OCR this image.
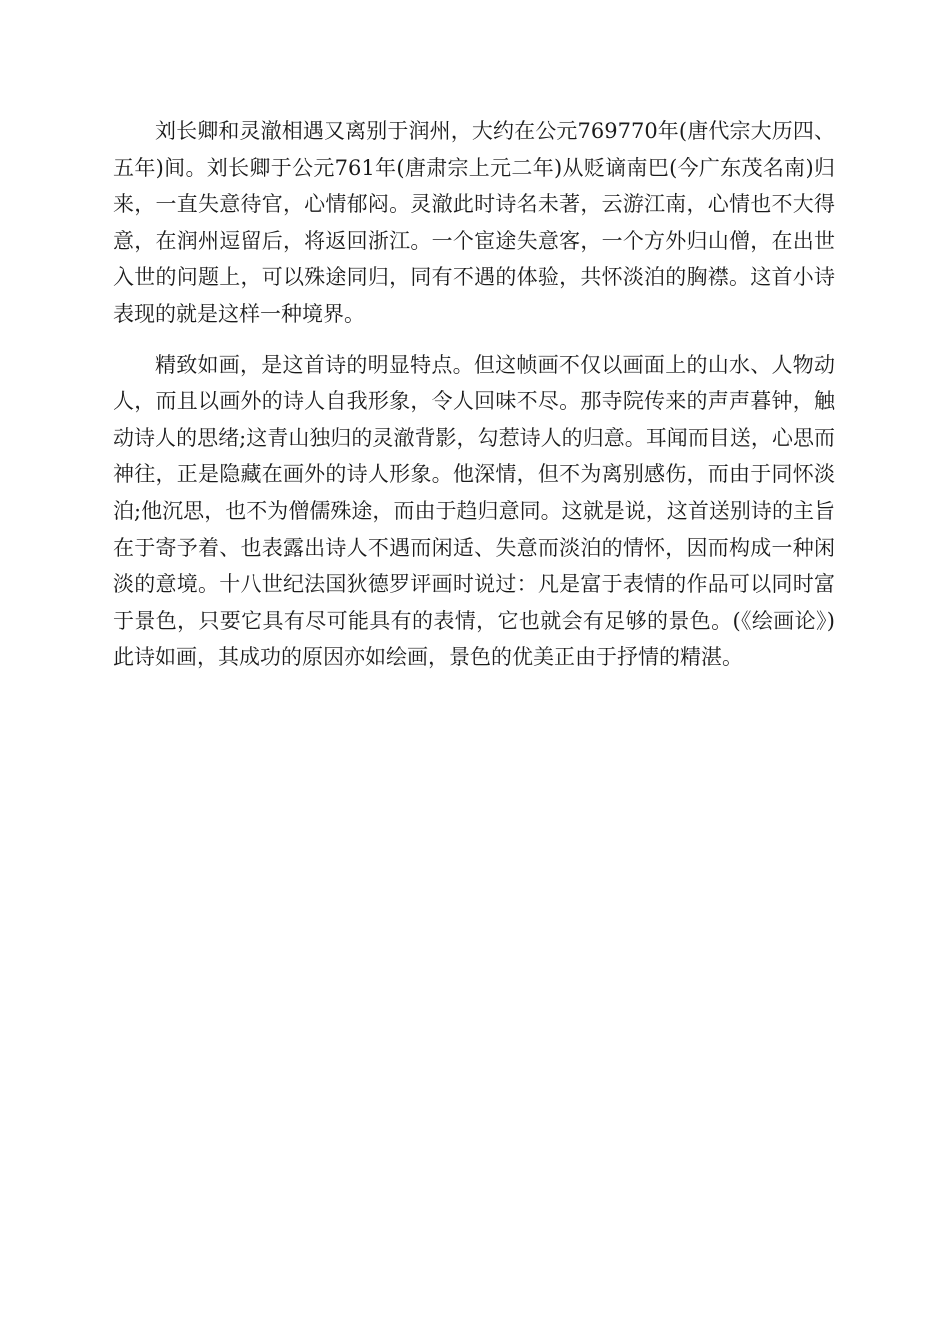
刘长卿和灵澈相遇又离别于润州，大约在公元769770年(唐代宗大历四、五年)间。刘长卿于公元761年(唐肃宗上元二年)从贬谪南巴(今广东茂名南)归来，一直失意待官，心情郁闷。灵澈此时诗名未著，云游江南，心情也不大得意，在润州逗留后，将返回浙江。一个宦途失意客，一个方外归山僧，在出世入世的问题上，可以殊途同归，同有不遇的体验，共怀淡泊的胸襟。这首小诗表现的就是这样一种境界。

精致如画，是这首诗的明显特点。但这帧画不仅以画面上的山水、人物动人，而且以画外的诗人自我形象，令人回味不尽。那寺院传来的声声暮钟，触动诗人的思绪;这青山独归的灵澈背影，勾惹诗人的归意。耳闻而目送，心思而神往，正是隐藏在画外的诗人形象。他深情，但不为离别感伤，而由于同怀淡泊;他沉思，也不为僧儒殊途，而由于趋归意同。这就是说，这首送别诗的主旨在于寄予着、也表露出诗人不遇而闲适、失意而淡泊的情怀，因而构成一种闲淡的意境。十八世纪法国狄德罗评画时说过：凡是富于表情的作品可以同时富于景色，只要它具有尽可能具有的表情，它也就会有足够的景色。(《绘画论》)此诗如画，其成功的原因亦如绘画，景色的优美正由于抒情的精湛。
